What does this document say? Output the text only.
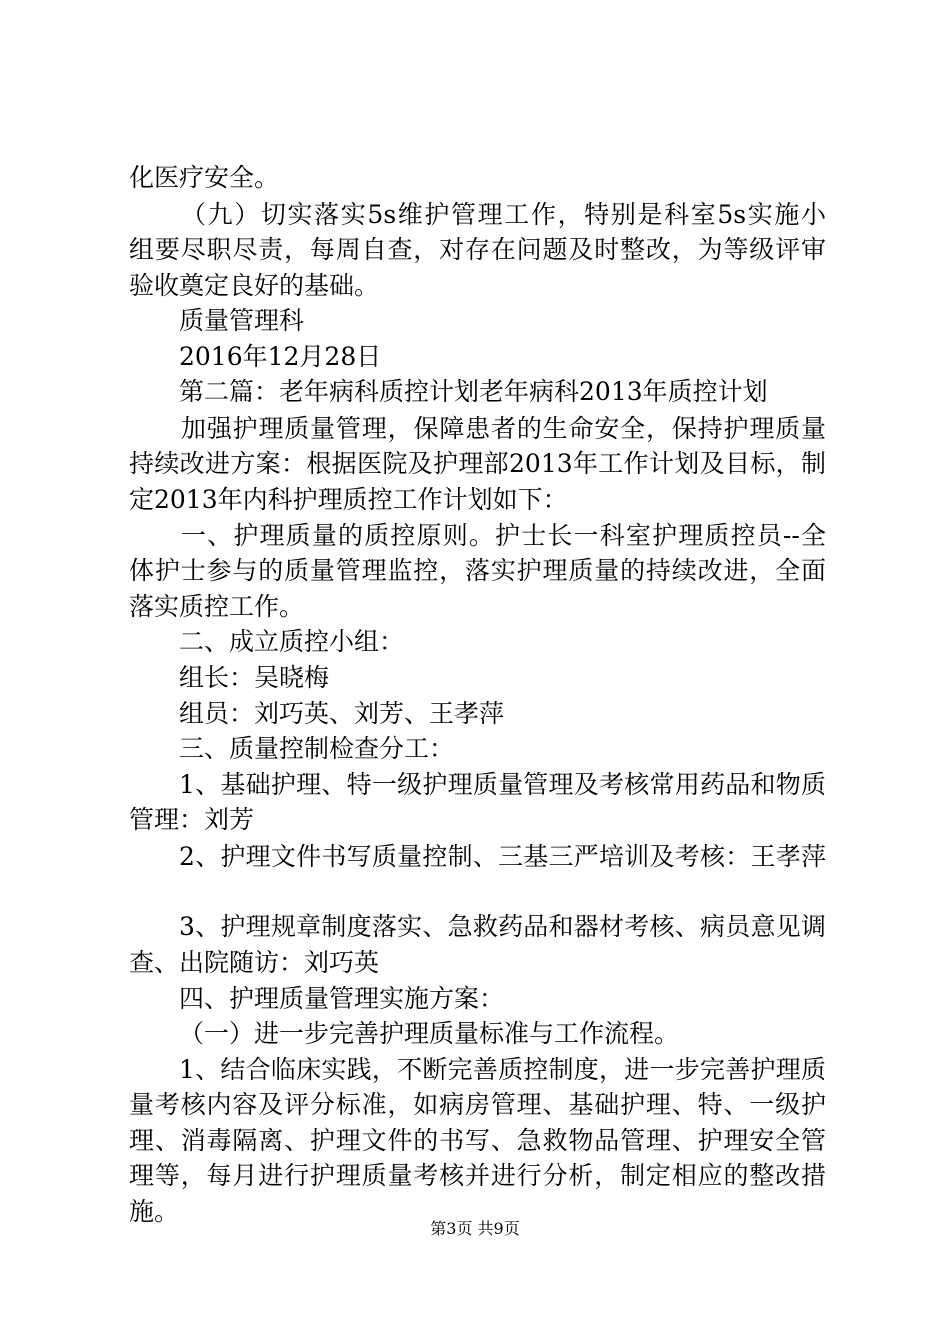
化医疗安全。
（九）切实落实5s维护管理工作，特别是科室5s实施小
组要尽职尽责，每周自查，对存在问题及时整改，为等级评审
验收奠定良好的基础。
质量管理科
2016年12月28日
第二篇：老年病科质控计划老年病科2013年质控计划
加强护理质量管理，保障患者的生命安全，保持护理质量
持续改进方案：根据医院及护理部2013年工作计划及目标，制
定2013年内科护理质控工作计划如下：
一、护理质量的质控原则。护士长一科室护理质控员--全
体护士参与的质量管理监控，落实护理质量的持续改进，全面
落实质控工作。
二、成立质控小组：
组长：吴晓梅
组员：刘巧英、刘芳、王孝萍
三、质量控制检查分工：
1、基础护理、特一级护理质量管理及考核常用药品和物质
管理：刘芳
2、护理文件书写质量控制、三基三严培训及考核：王孝萍
3、护理规章制度落实、急救药品和器材考核、病员意见调
查、出院随访：刘巧英
四、护理质量管理实施方案：
（一）进一步完善护理质量标准与工作流程。
1、结合临床实践，不断完善质控制度，进一步完善护理质
量考核内容及评分标准，如病房管理、基础护理、特、一级护
理、消毒隔离、护理文件的书写、急救物品管理、护理安全管
理等，每月进行护理质量考核并进行分析，制定相应的整改措
施。
第3页 共9页
